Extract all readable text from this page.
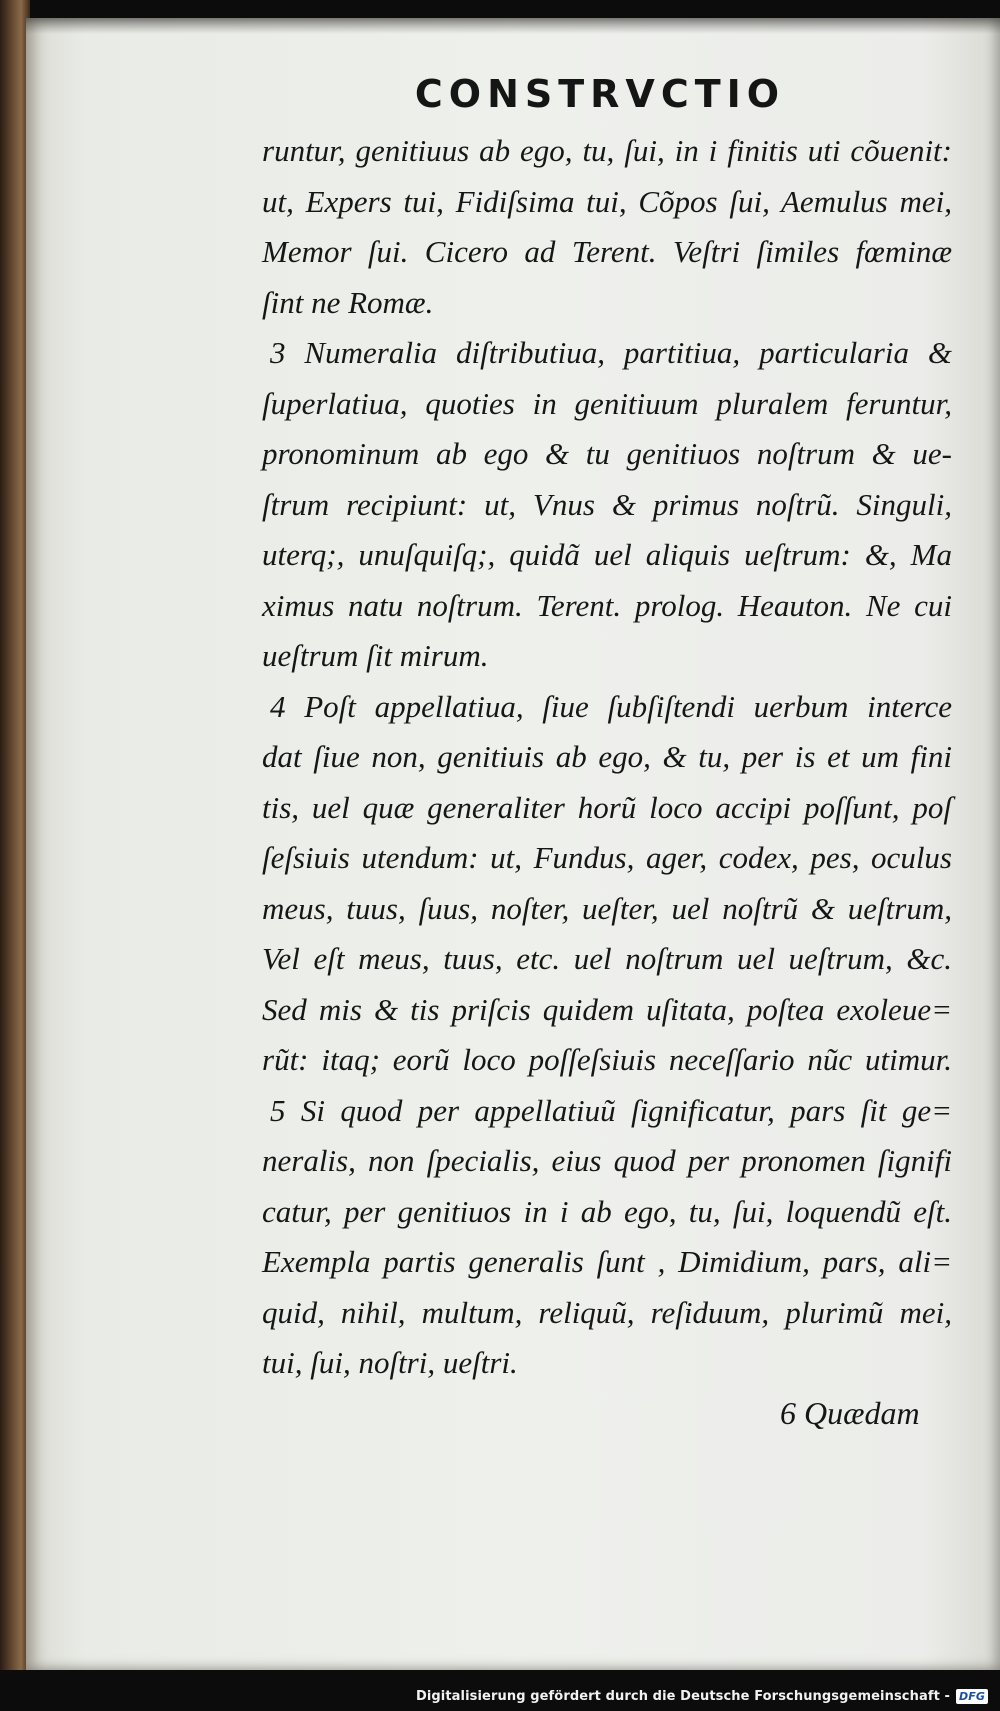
CONSTRVCTIO
runtur, genitiuus ab ego, tu, ſui, in i finitis uti cõuenit:
ut, Expers tui, Fidiſsima tui, Cõpos ſui, Aemulus mei,
Memor ſui. Cicero ad Terent. Veſtri ſimiles fœminæ
ſint ne Romæ.
3 Numeralia diſtributiua, partitiua, particularia &
ſuperlatiua, quoties in genitiuum pluralem feruntur,
pronominum ab ego & tu genitiuos noſtrum & ue-
ſtrum recipiunt: ut, Vnus & primus noſtrũ. Singuli,
uterq;, unuſquiſq;, quidã uel aliquis ueſtrum: &, Ma
ximus natu noſtrum. Terent. prolog. Heauton. Ne cui
ueſtrum ſit mirum.
4 Poſt appellatiua, ſiue ſubſiſtendi uerbum interce
dat ſiue non, genitiuis ab ego, & tu, per is et um fini
tis, uel quæ generaliter horũ loco accipi poſſunt, poſ
ſeſsiuis utendum: ut, Fundus, ager, codex, pes, oculus
meus, tuus, ſuus, noſter, ueſter, uel noſtrũ & ueſtrum,
Vel eſt meus, tuus, etc. uel noſtrum uel ueſtrum, &c.
Sed mis & tis priſcis quidem uſitata, poſtea exoleue=
rũt: itaq; eorũ loco poſſeſsiuis neceſſario nũc utimur.
5 Si quod per appellatiuũ ſignificatur, pars ſit ge=
neralis, non ſpecialis, eius quod per pronomen ſignifi
catur, per genitiuos in i ab ego, tu, ſui, loquendũ eſt.
Exempla partis generalis ſunt , Dimidium, pars, ali=
quid, nihil, multum, reliquũ, reſiduum, plurimũ mei,
tui, ſui, noſtri, ueſtri.
6 Quædam
Digitalisierung gefördert durch die Deutsche Forschungsgemeinschaft - DFG
